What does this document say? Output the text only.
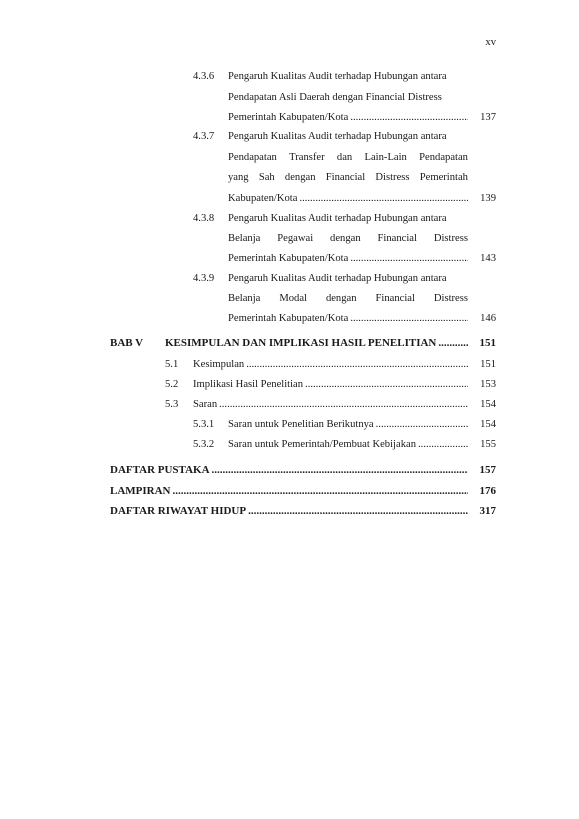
xv
4.3.6 Pengaruh Kualitas Audit terhadap Hubungan antara
Pendapatan Asli Daerah dengan Financial Distress
Pemerintah Kabupaten/Kota .....	137
4.3.7 Pengaruh Kualitas Audit terhadap Hubungan antara
Pendapatan Transfer dan Lain-Lain Pendapatan
yang Sah dengan Financial Distress Pemerintah
Kabupaten/Kota .....	139
4.3.8 Pengaruh Kualitas Audit terhadap Hubungan antara
Belanja Pegawai dengan Financial Distress
Pemerintah Kabupaten/Kota .....	143
4.3.9 Pengaruh Kualitas Audit terhadap Hubungan antara
Belanja Modal dengan Financial Distress
Pemerintah Kabupaten/Kota .....	146
BAB V KESIMPULAN DAN IMPLIKASI HASIL PENELITIAN .....	151
5.1 Kesimpulan .....	151
5.2 Implikasi Hasil Penelitian .....	153
5.3 Saran .....	154
5.3.1 Saran untuk Penelitian Berikutnya .....	154
5.3.2 Saran untuk Pemerintah/Pembuat Kebijakan .....	155
DAFTAR PUSTAKA .....	157
LAMPIRAN .....	176
DAFTAR RIWAYAT HIDUP .....	317
